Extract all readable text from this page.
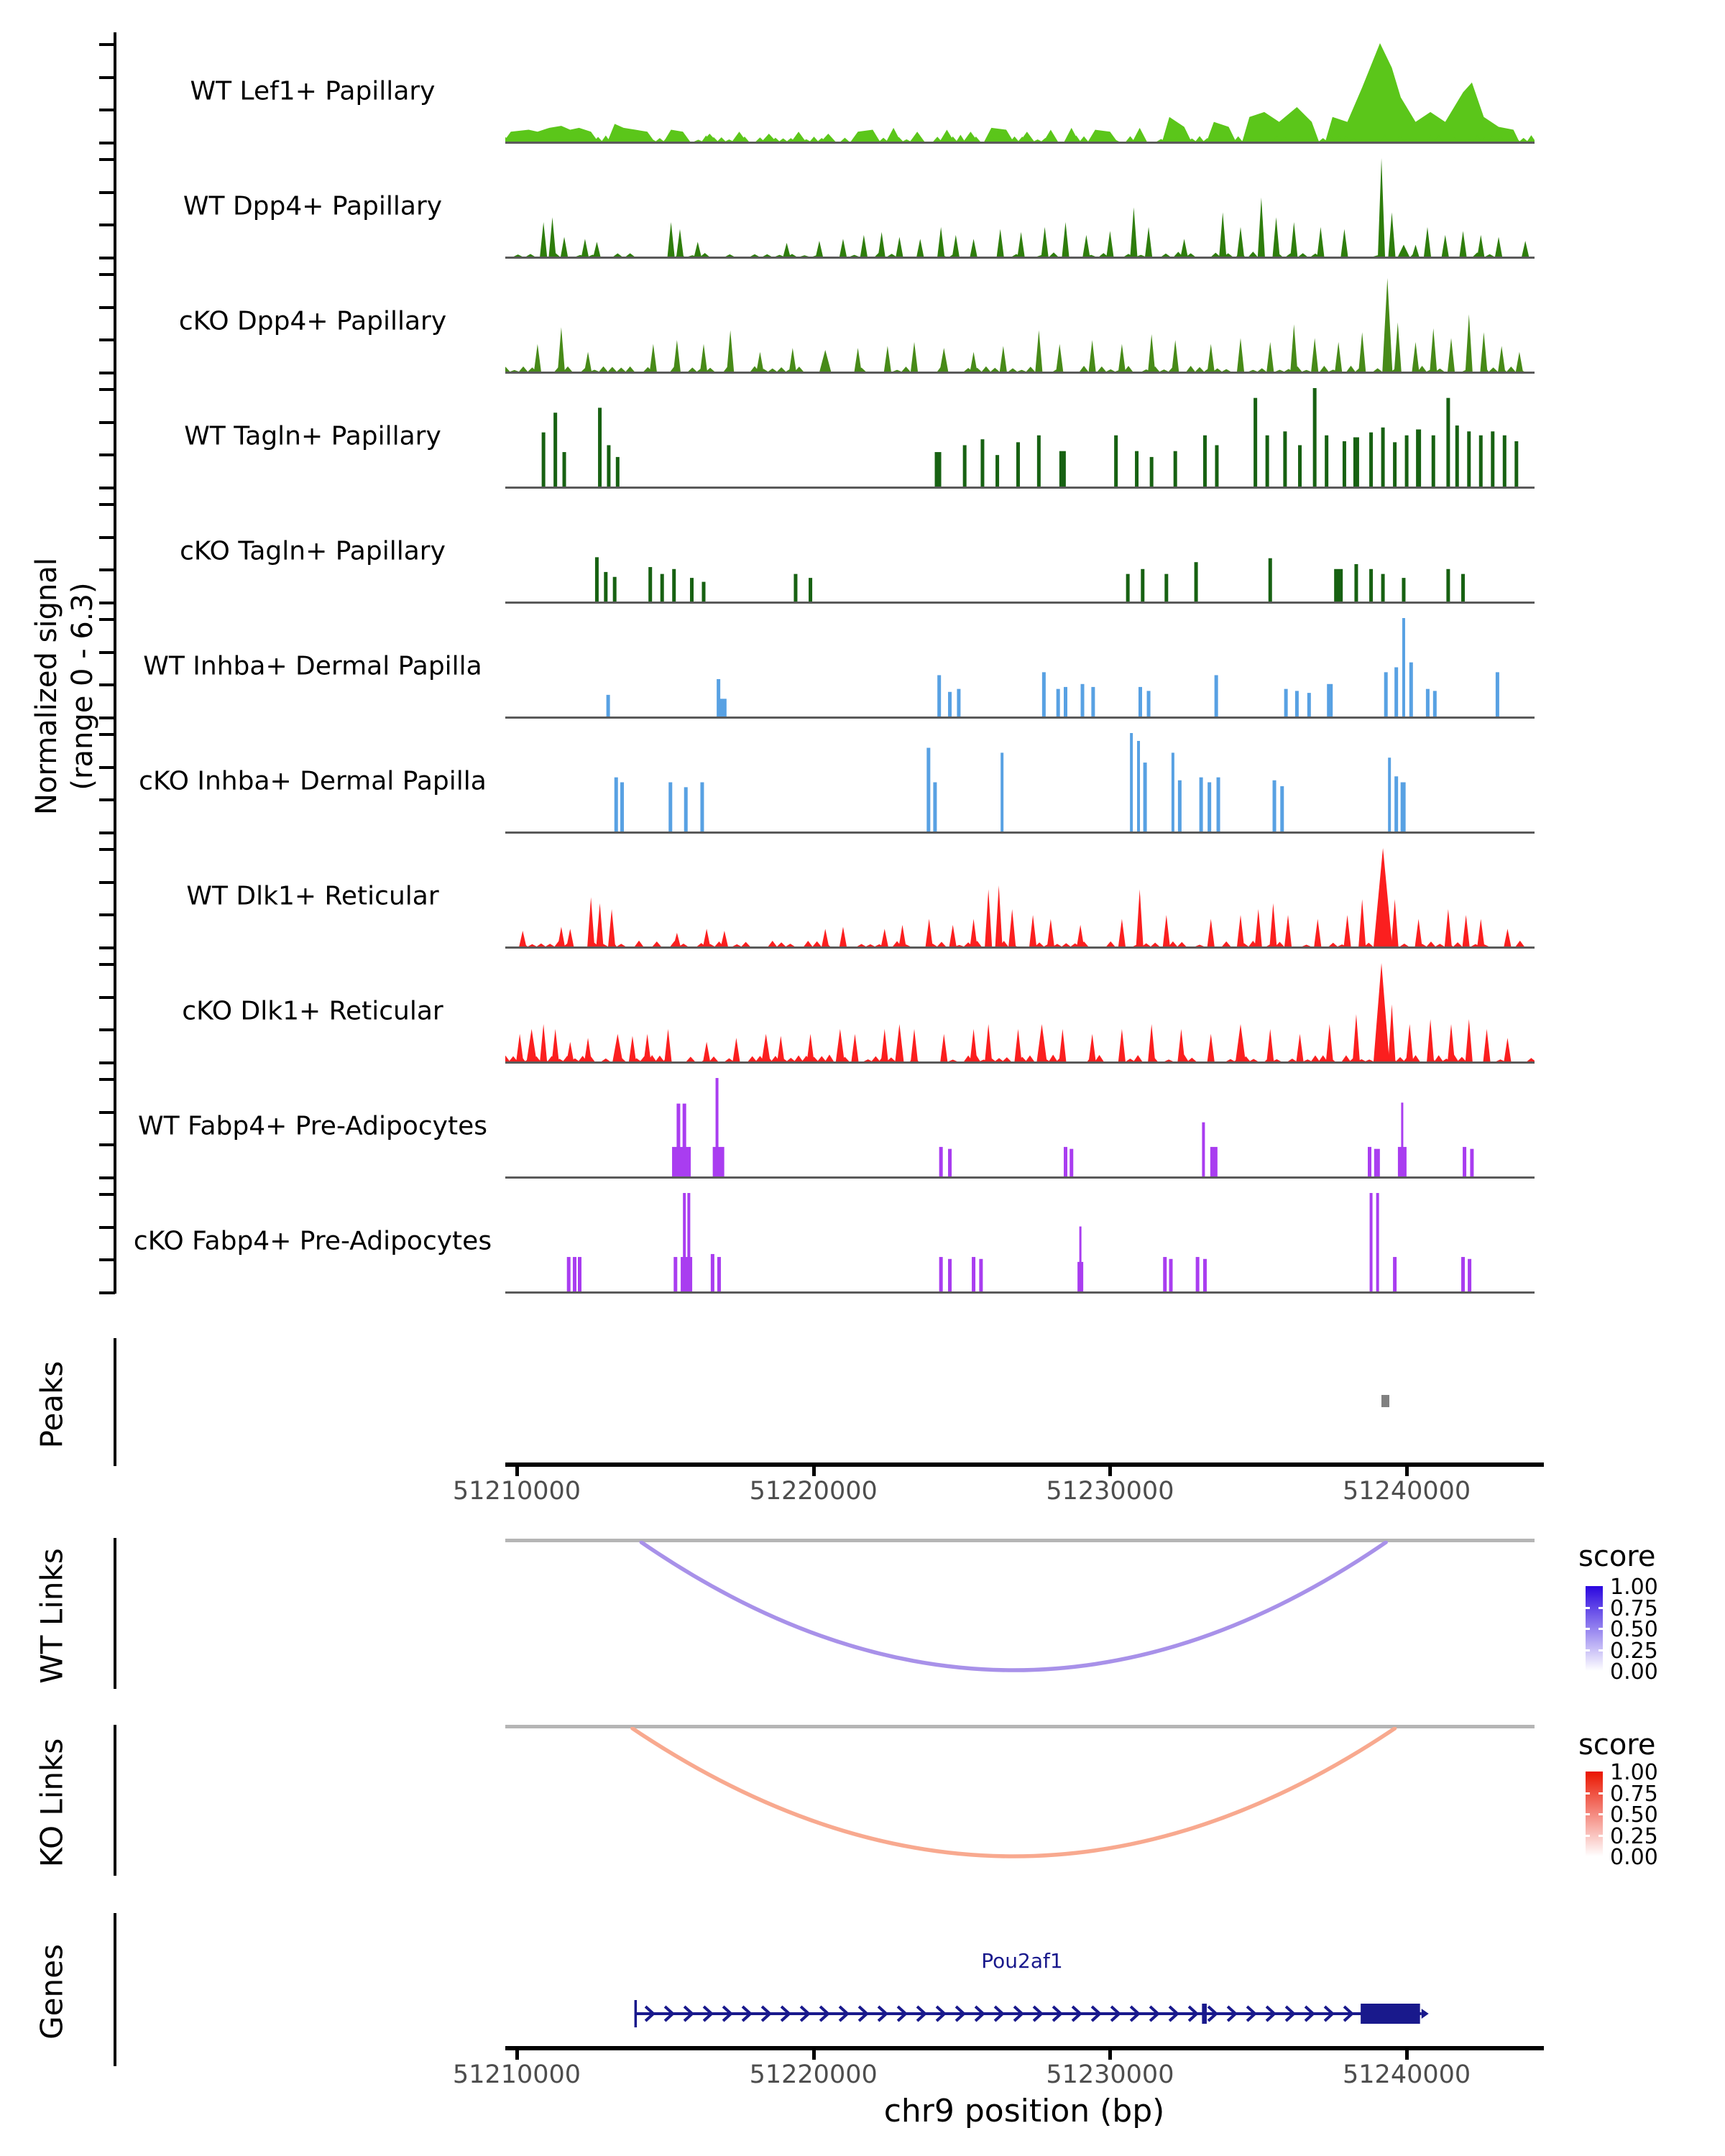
Normalized signal (range 0 - 6.3)
Peaks
WT Links
KO Links
Genes
WT Lef1+ Papillary
WT Dpp4+ Papillary
cKO Dpp4+ Papillary
WT Tagln+ Papillary
cKO Tagln+ Papillary
WT Inhba+ Dermal Papilla
cKO Inhba+ Dermal Papilla
WT Dlk1+ Reticular
cKO Dlk1+ Reticular
WT Fabp4+ Pre-Adipocytes
cKO Fabp4+ Pre-Adipocytes
51210000	51220000	51230000	51240000
score
1.00
0.75
0.50
0.25
0.00
score
1.00
0.75
0.50
0.25
0.00
Pou2af1
51210000	51220000	51230000	51240000
chr9 position (bp)
